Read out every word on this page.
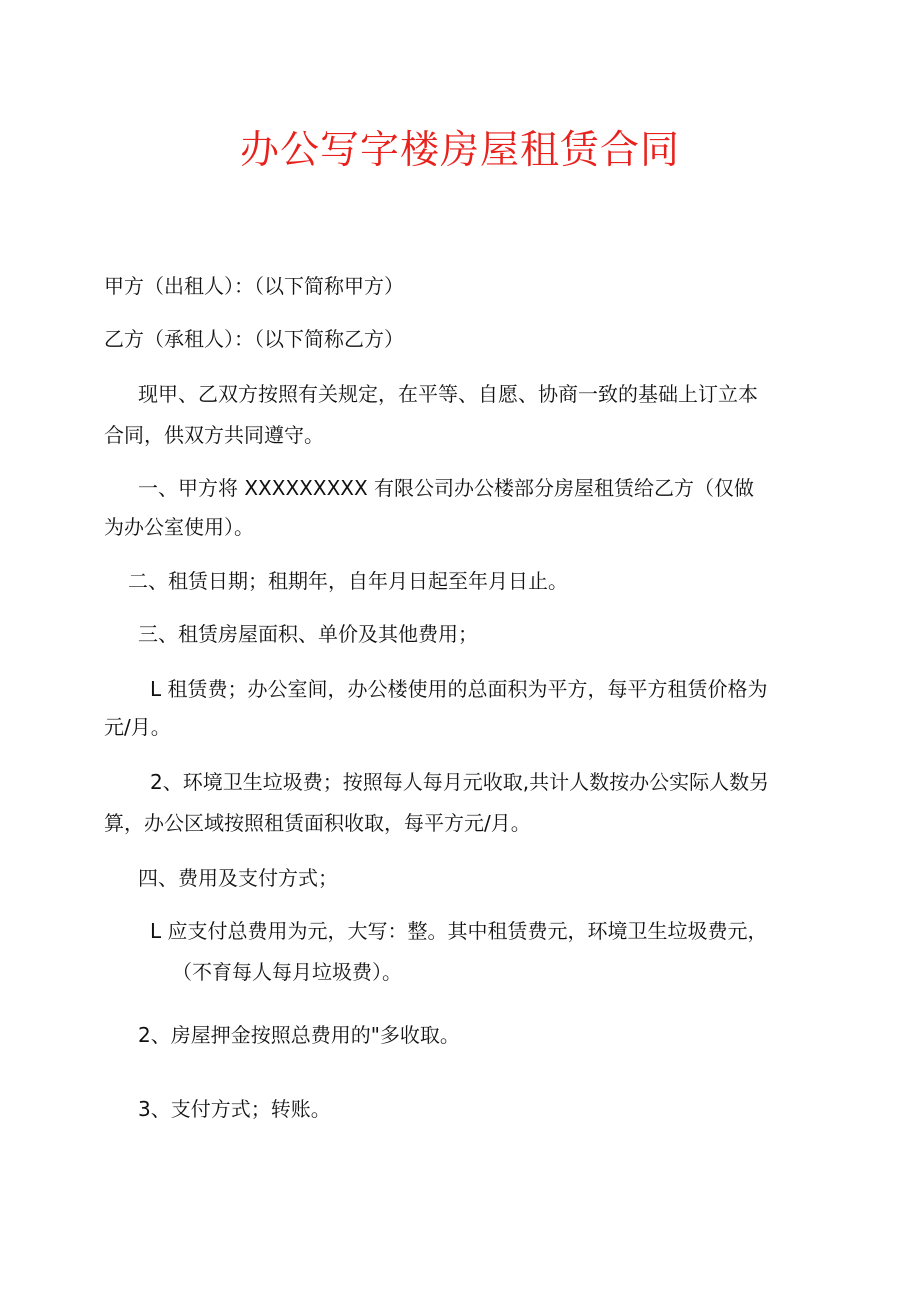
办公写字楼房屋租赁合同
甲方（出租人）：（以下简称甲方）
乙方（承租人）：（以下简称乙方）
现甲、乙双方按照有关规定，在平等、自愿、协商一致的基础上订立本
合同，供双方共同遵守。
一、甲方将 XXXXXXXXX 有限公司办公楼部分房屋租赁给乙方（仅做
为办公室使用）。
二、租赁日期；租期年，自年月日起至年月日止。
三、租赁房屋面积、单价及其他费用；
L 租赁费；办公室间，办公楼使用的总面积为平方，每平方租赁价格为
元/月。
2、环境卫生垃圾费；按照每人每月元收取,共计人数按办公实际人数另
算，办公区域按照租赁面积收取，每平方元/月。
四、费用及支付方式；
L 应支付总费用为元，大写：整。其中租赁费元，环境卫生垃圾费元，
（不育每人每月垃圾费）。
2、房屋押金按照总费用的"多收取。
3、支付方式；转账。
